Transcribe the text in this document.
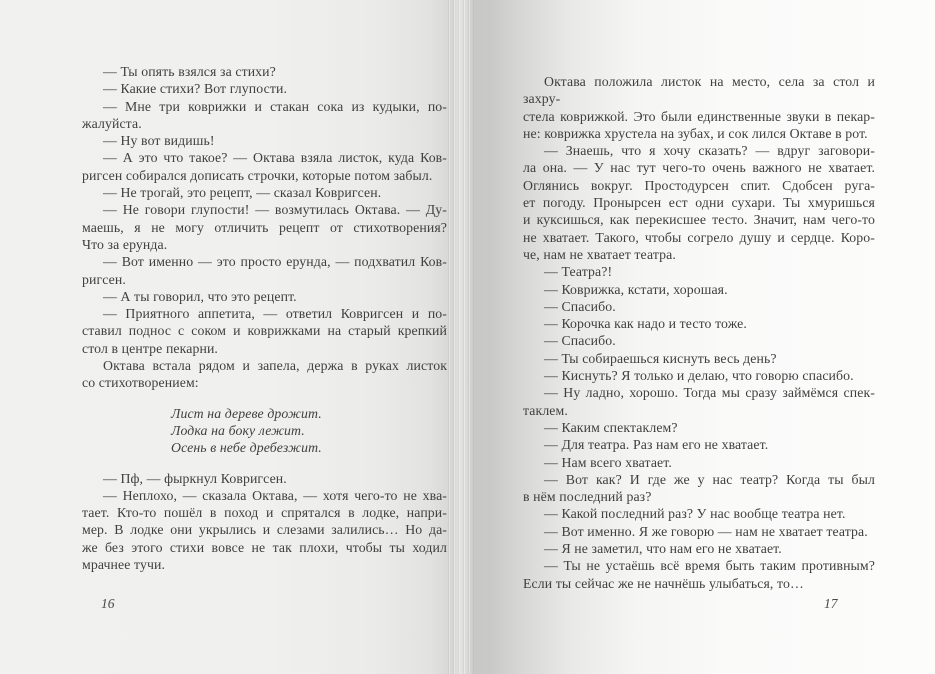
— Ты опять взялся за стихи?
— Какие стихи? Вот глупости.
— Мне три коврижки и стакан сока из кудыки, по-
жалуйста.
— Ну вот видишь!
— А это что такое? — Октава взяла листок, куда Ков-
ригсен собирался дописать строчки, которые потом забыл.
— Не трогай, это рецепт, — сказал Ковригсен.
— Не говори глупости! — возмутилась Октава. — Ду-
маешь, я не могу отличить рецепт от стихотворения?
Что за ерунда.
— Вот именно — это просто ерунда, — подхватил Ков-
ригсен.
— А ты говорил, что это рецепт.
— Приятного аппетита, — ответил Ковригсен и по-
ставил поднос с соком и коврижками на старый крепкий
стол в центре пекарни.
Октава встала рядом и запела, держа в руках листок
со стихотворением:
Лист на дереве дрожит.
Лодка на боку лежит.
Осень в небе дребезжит.
— Пф, — фыркнул Ковригсен.
— Неплохо, — сказала Октава, — хотя чего-то не хва-
тает. Кто-то пошёл в поход и спрятался в лодке, напри-
мер. В лодке они укрылись и слезами залились… Но да-
же без этого стихи вовсе не так плохи, чтобы ты ходил
мрачнее тучи.
Октава положила листок на место, села за стол и захру-
стела коврижкой. Это были единственные звуки в пекар-
не: коврижка хрустела на зубах, и сок лился Октаве в рот.
— Знаешь, что я хочу сказать? — вдруг заговори-
ла она. — У нас тут чего-то очень важного не хватает.
Оглянись вокруг. Простодурсен спит. Сдобсен руга-
ет погоду. Пронырсен ест одни сухари. Ты хмуришься
и куксишься, как перекисшее тесто. Значит, нам чего-то
не хватает. Такого, чтобы согрело душу и сердце. Коро-
че, нам не хватает театра.
— Театра?!
— Коврижка, кстати, хорошая.
— Спасибо.
— Корочка как надо и тесто тоже.
— Спасибо.
— Ты собираешься киснуть весь день?
— Киснуть? Я только и делаю, что говорю спасибо.
— Ну ладно, хорошо. Тогда мы сразу займёмся спек-
таклем.
— Каким спектаклем?
— Для театра. Раз нам его не хватает.
— Нам всего хватает.
— Вот как? И где же у нас театр? Когда ты был
в нём последний раз?
— Какой последний раз? У нас вообще театра нет.
— Вот именно. Я же говорю — нам не хватает театра.
— Я не заметил, что нам его не хватает.
— Ты не устаёшь всё время быть таким противным?
Если ты сейчас же не начнёшь улыбаться, то…
16	17
